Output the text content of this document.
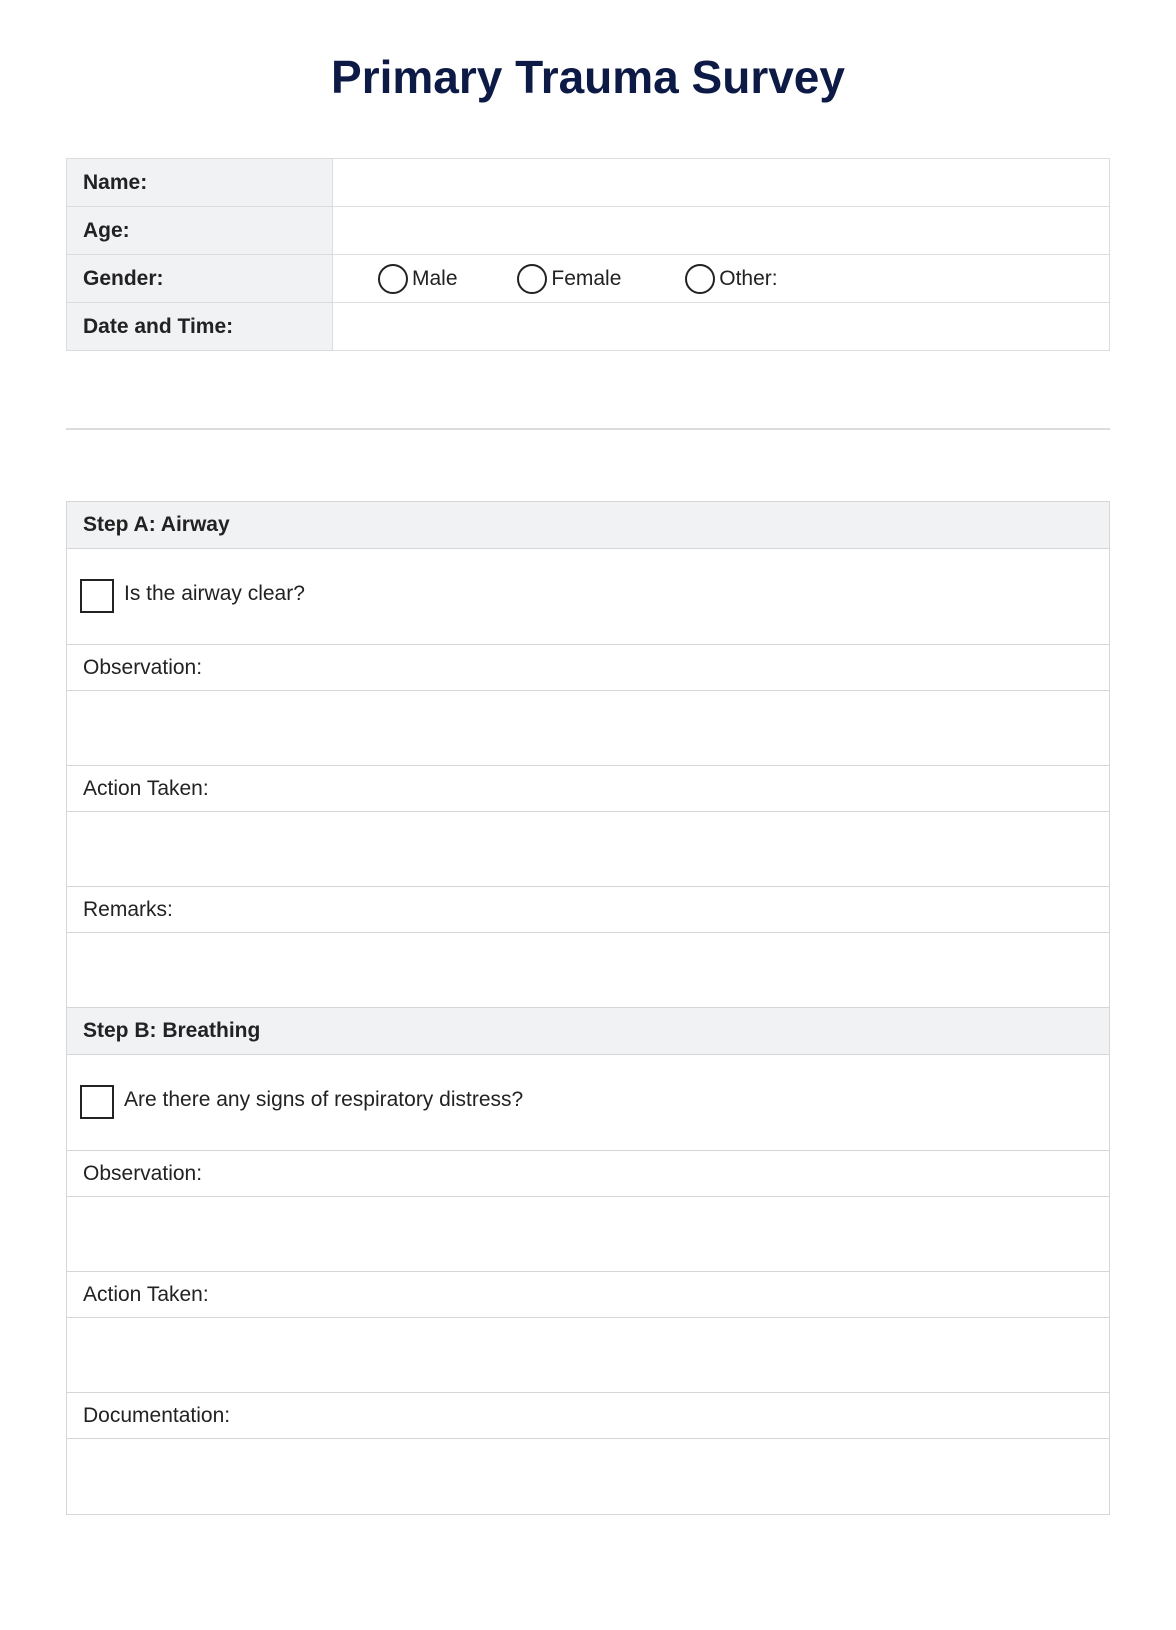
Primary Trauma Survey
Name:	
Age:	
Gender:	Male
Female
Other:

Date and Time:	
Step A: Airway
Is the airway clear?
Observation:
Action Taken:
Remarks:
Step B: Breathing
Are there any signs of respiratory distress?
Observation:
Action Taken:
Documentation:
